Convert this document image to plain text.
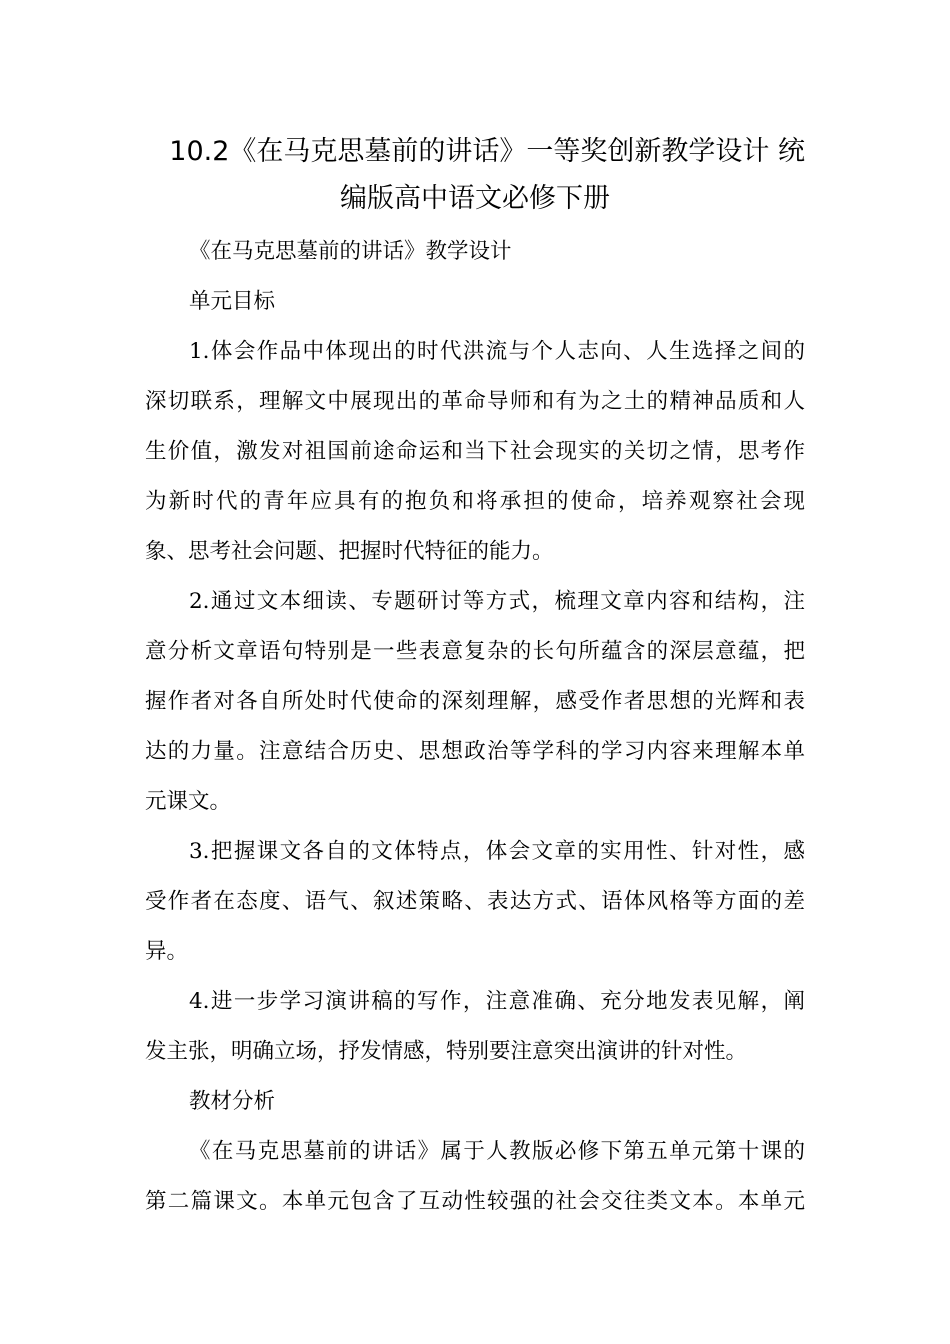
10.2《在马克思墓前的讲话》一等奖创新教学设计 统
编版高中语文必修下册
《在马克思墓前的讲话》教学设计
单元目标
1.体会作品中体现出的时代洪流与个人志向、人生选择之间的
深切联系，理解文中展现出的革命导师和有为之土的精神品质和人
生价值，激发对祖国前途命运和当下社会现实的关切之情，思考作
为新时代的青年应具有的抱负和将承担的使命，培养观察社会现
象、思考社会问题、把握时代特征的能力。
2.通过文本细读、专题研讨等方式，梳理文章内容和结构，注
意分析文章语句特别是一些表意复杂的长句所蕴含的深层意蕴，把
握作者对各自所处时代使命的深刻理解，感受作者思想的光辉和表
达的力量。注意结合历史、思想政治等学科的学习内容来理解本单
元课文。
3.把握课文各自的文体特点，体会文章的实用性、针对性，感
受作者在态度、语气、叙述策略、表达方式、语体风格等方面的差
异。
4.进一步学习演讲稿的写作，注意准确、充分地发表见解，阐
发主张，明确立场，抒发情感，特别要注意突出演讲的针对性。
教材分析
《在马克思墓前的讲话》属于人教版必修下第五单元第十课的
第二篇课文。本单元包含了互动性较强的社会交往类文本。本单元
